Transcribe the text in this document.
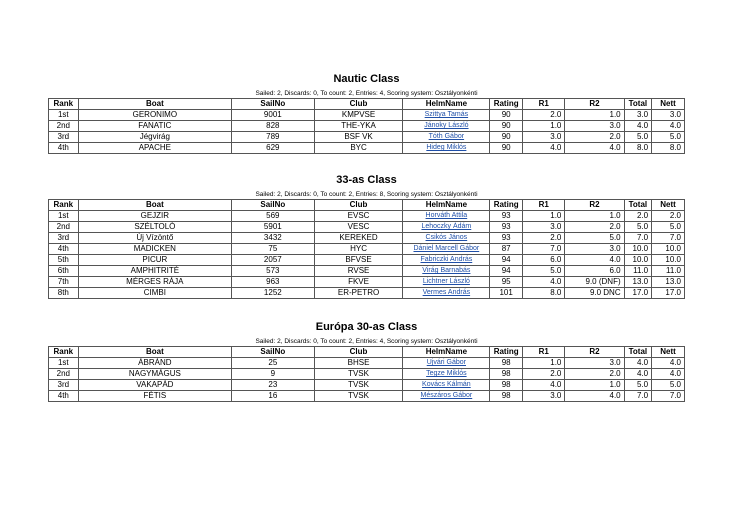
Nautic Class
Sailed: 2, Discards: 0, To count: 2, Entries: 4, Scoring system: Osztályonkénti
Rank	Boat	SailNo	Club	HelmName	Rating	R1	R2	Total	Nett
1st	GERONIMO	9001	KMPVSE	Szittya Tamás	90	2.0	1.0	3.0	3.0
2nd	FANATIC	828	THE-YKA	Jánoky László	90	1.0	3.0	4.0	4.0
3rd	Jégvirág	789	BSF VK	Tóth Gábor	90	3.0	2.0	5.0	5.0
4th	APACHE	629	BYC	Hideg Miklós	90	4.0	4.0	8.0	8.0
33-as Class
Sailed: 2, Discards: 0, To count: 2, Entries: 8, Scoring system: Osztályonkénti
Rank	Boat	SailNo	Club	HelmName	Rating	R1	R2	Total	Nett
1st	GEJZIR	569	EVSC	Horváth Attila	93	1.0	1.0	2.0	2.0
2nd	SZÉLTOLÓ	5901	VESC	Lehoczky Ádám	93	3.0	2.0	5.0	5.0
3rd	Új Vízöntő	3432	KEREKED	Csikós János	93	2.0	5.0	7.0	7.0
4th	MADICKEN	75	HYC	Dániel Marcell Gábor	87	7.0	3.0	10.0	10.0
5th	PICUR	2057	BFVSE	Fabriczki András	94	6.0	4.0	10.0	10.0
6th	AMPHITRITÉ	573	RVSE	Virág Barnabás	94	5.0	6.0	11.0	11.0
7th	MÉRGES RÁJA	963	FKVE	Lichtner László	95	4.0	9.0 (DNF)	13.0	13.0
8th	CIMBI	1252	ER-PETRO	Vermes András	101	8.0	9.0 DNC	17.0	17.0
Európa 30-as Class
Sailed: 2, Discards: 0, To count: 2, Entries: 4, Scoring system: Osztályonkénti
Rank	Boat	SailNo	Club	HelmName	Rating	R1	R2	Total	Nett
1st	ÁBRÁND	25	BHSE	Ujvári Gábor	98	1.0	3.0	4.0	4.0
2nd	NAGYMÁGUS	9	TVSK	Tegze Miklós	98	2.0	2.0	4.0	4.0
3rd	VAKAPÁD	23	TVSK	Kovács Kálmán	98	4.0	1.0	5.0	5.0
4th	FÉTIS	16	TVSK	Mészáros Gábor	98	3.0	4.0	7.0	7.0
